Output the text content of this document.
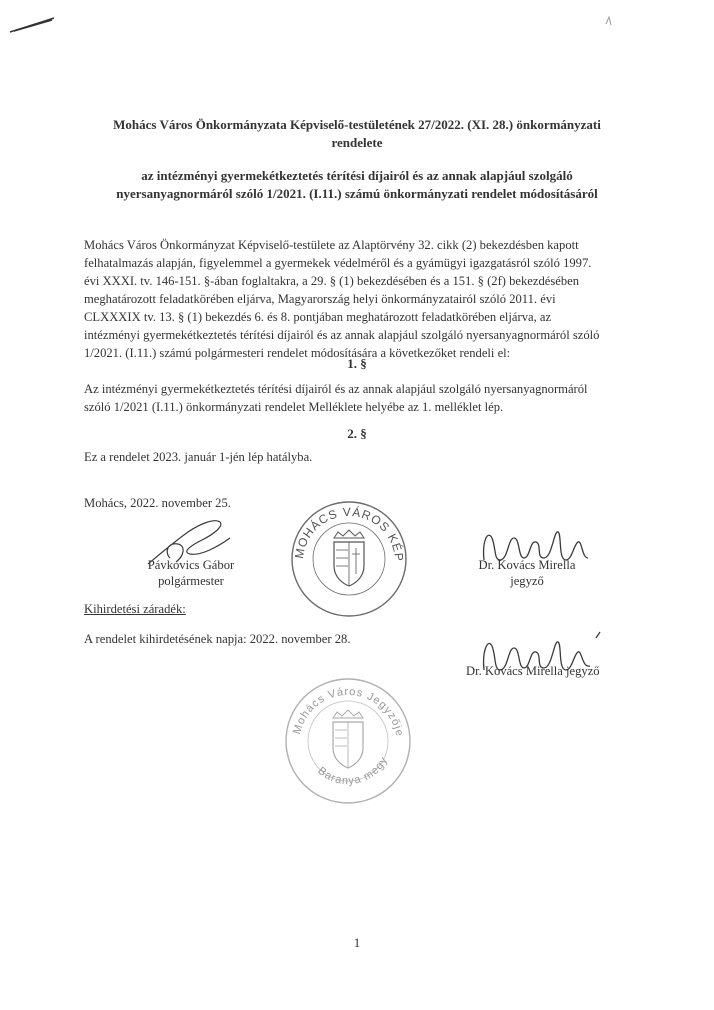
Mohács Város Önkormányzata Képviselő-testületének 27/2022. (XI. 28.) önkormányzati
rendelete
az intézményi gyermekétkeztetés térítési díjairól és az annak alapjául szolgáló
nyersanyagnormáról szóló 1/2021. (I.11.) számú önkormányzati rendelet módosításáról
Mohács Város Önkormányzat Képviselő-testülete az Alaptörvény 32. cikk (2) bekezdésben kapott
felhatalmazás alapján, figyelemmel a gyermekek védelméről és a gyámügyi igazgatásról szóló 1997.
évi XXXI. tv. 146-151. §-ában foglaltakra, a 29. § (1) bekezdésében és a 151. § (2f) bekezdésében
meghatározott feladatkörében eljárva, Magyarország helyi önkormányzatairól szóló 2011. évi
CLXXXIX tv. 13. § (1) bekezdés 6. és 8. pontjában meghatározott feladatkörében eljárva, az
intézményi gyermekétkeztetés térítési díjairól és az annak alapjául szolgáló nyersanyagnormáról szóló
1/2021. (I.11.) számú polgármesteri rendelet módosítására a következőket rendeli el:
1. §
Az intézményi gyermekétkeztetés térítési díjairól és az annak alapjául szolgáló nyersanyagnormáról
szóló 1/2021 (I.11.) önkormányzati rendelet Melléklete helyébe az 1. melléklet lép.
2. §
Ez a rendelet 2023. január 1-jén lép hatályba.
Mohács, 2022. november 25.
Pávkovics Gábor
polgármester
MOHÁCS VÁROS KÉPVISELŐ-TESTÜLETE
Dr. Kovács Mirella
jegyző
Kihirdetési záradék:
A rendelet kihirdetésének napja: 2022. november 28.
Dr. Kovács Mirella jegyző
Mohács Város Jegyzője
Baranya megye
1
